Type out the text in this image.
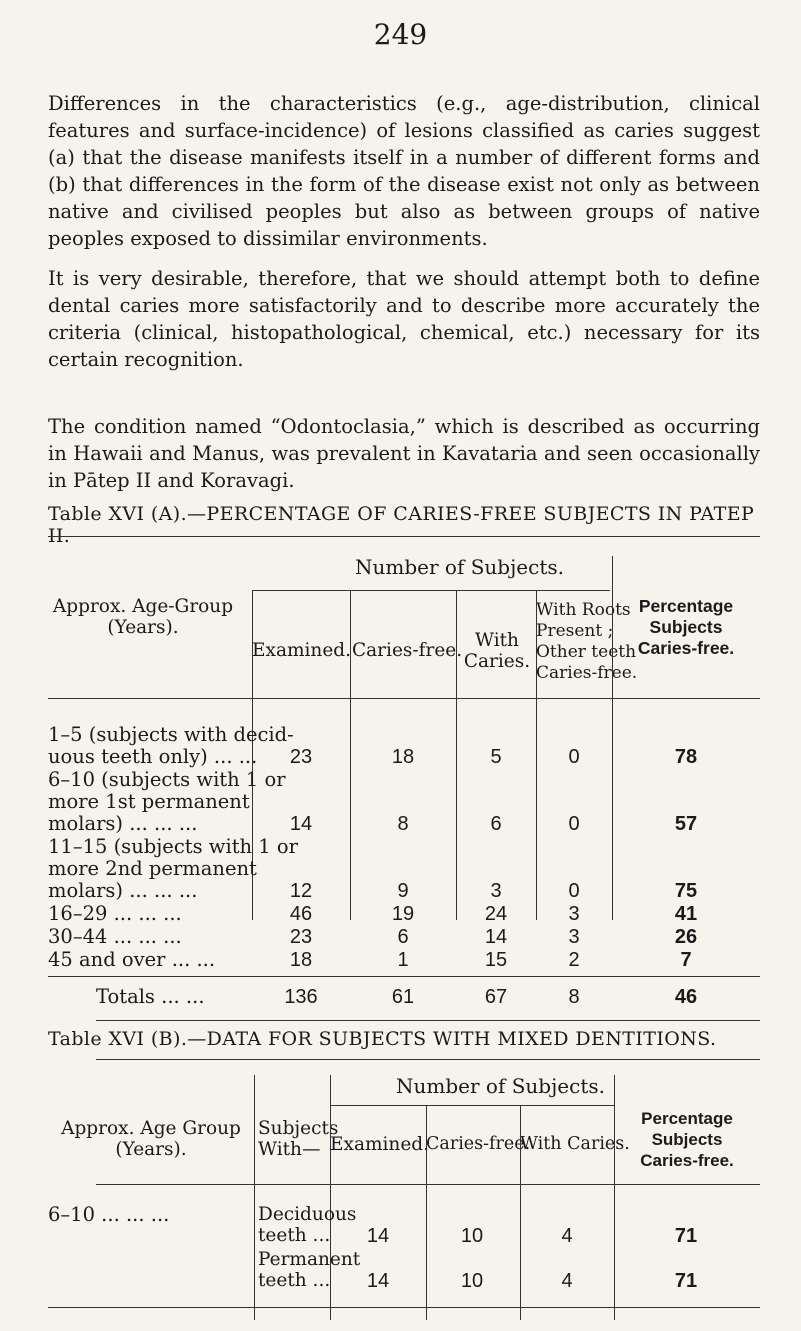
249

Differences in the characteristics (e.g., age-distribution, clinical features and surface-incidence) of lesions classified as caries suggest (a) that the disease manifests itself in a number of different forms and (b) that differences in the form of the disease exist not only as between native and civilised peoples but also as between groups of native peoples exposed to dissimilar environments.

It is very desirable, therefore, that we should attempt both to define dental caries more satisfactorily and to describe more accurately the criteria (clinical, histopathological, chemical, etc.) necessary for its certain recognition.

The condition named “Odontoclasia,” which is described as occurring in Hawaii and Manus, was prevalent in Kavataria and seen occasionally in Pātep II and Koravagi.

Table XVI (A).—PERCENTAGE OF CARIES-FREE SUBJECTS IN PATEP II.

Number of Subjects.
Approx. Age-Group
(Years).
Examined. Caries-free. With
Caries.
With Roots
Present ;
Other teeth
Caries-free.
Percentage
Subjects
Caries-free.
1–5 (subjects with decid-
uous teeth only) ... ...	23	18	5	0	78
6–10 (subjects with 1 or
more 1st permanent
molars) ... ... ...	14	8	6	0	57
11–15 (subjects with 1 or
more 2nd permanent
molars) ... ... ...	12	9	3	0	75
16–29 ... ... ...	46	19	24	3	41
30–44 ... ... ...	23	6	14	3	26
45 and over ... ...	18	1	15	2	7
Totals ... ...	136	61	67	8	46

Table XVI (B).—DATA FOR SUBJECTS WITH MIXED DENTITIONS.

Number of Subjects.
Approx. Age Group
(Years).
Subjects
With— Examined.
Caries-free.
With Caries.
Percentage
Subjects
Caries-free.
6–10 ... ... ...	Deciduous
teeth ...	14	10	4	71
Permanent
teeth ...	14	10	4	71
